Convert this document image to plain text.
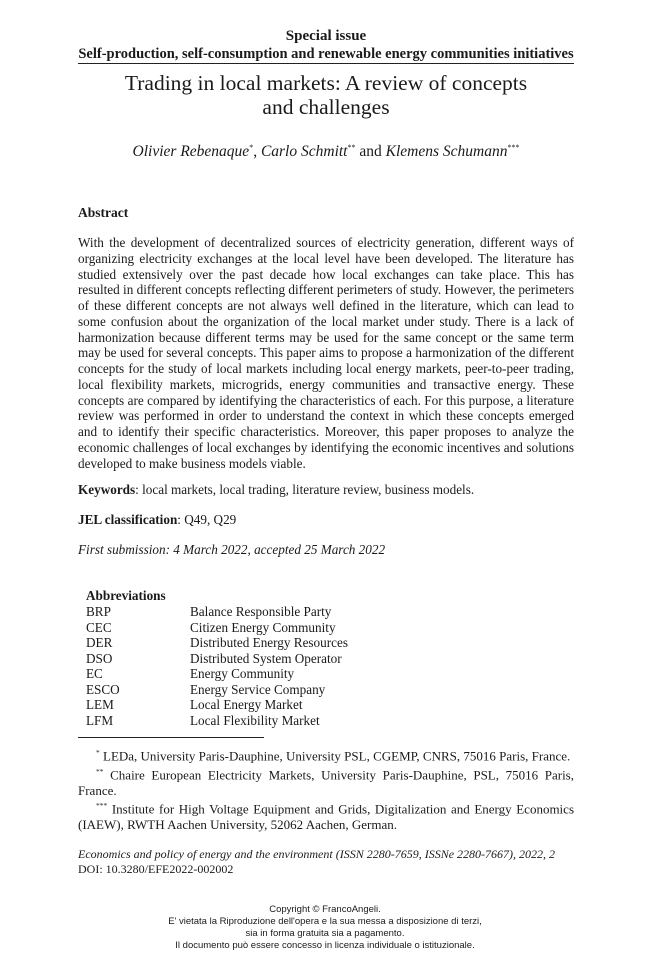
Special issue
Self-production, self-consumption and renewable energy communities initiatives
Trading in local markets: A review of concepts
and challenges
Olivier Rebenaque*, Carlo Schmitt** and Klemens Schumann***
Abstract
With the development of decentralized sources of electricity generation, different ways of organizing electricity exchanges at the local level have been developed. The literature has studied extensively over the past decade how local exchanges can take place. This has resulted in different concepts reflecting different perimeters of study. However, the perimeters of these different concepts are not always well defined in the literature, which can lead to some confusion about the organization of the local market under study. There is a lack of harmonization because different terms may be used for the same concept or the same term may be used for several concepts. This paper aims to propose a harmonization of the different concepts for the study of local markets including local energy markets, peer-to-peer trading, local flexibility markets, microgrids, energy communities and transactive energy. These concepts are compared by identifying the characteristics of each. For this purpose, a literature review was performed in order to understand the context in which these concepts emerged and to identify their specific characteristics. Moreover, this paper proposes to analyze the economic challenges of local exchanges by identifying the economic incentives and solutions developed to make business models viable.
Keywords: local markets, local trading, literature review, business models.
JEL classification: Q49, Q29
First submission: 4 March 2022, accepted 25 March 2022
Abbreviations
BRP	Balance Responsible Party
CEC	Citizen Energy Community
DER	Distributed Energy Resources
DSO	Distributed System Operator
EC	Energy Community
ESCO	Energy Service Company
LEM	Local Energy Market
LFM	Local Flexibility Market

* LEDa, University Paris-Dauphine, University PSL, CGEMP, CNRS, 75016 Paris, France.

** Chaire European Electricity Markets, University Paris-Dauphine, PSL, 75016 Paris, France.

*** Institute for High Voltage Equipment and Grids, Digitalization and Energy Economics (IAEW), RWTH Aachen University, 52062 Aachen, German.

Economics and policy of energy and the environment (ISSN 2280-7659, ISSNe 2280-7667), 2022, 2
DOI: 10.3280/EFE2022-002002
Copyright © FrancoAngeli.
E' vietata la Riproduzione dell'opera e la sua messa a disposizione di terzi,
sia in forma gratuita sia a pagamento.
Il documento può essere concesso in licenza individuale o istituzionale.
